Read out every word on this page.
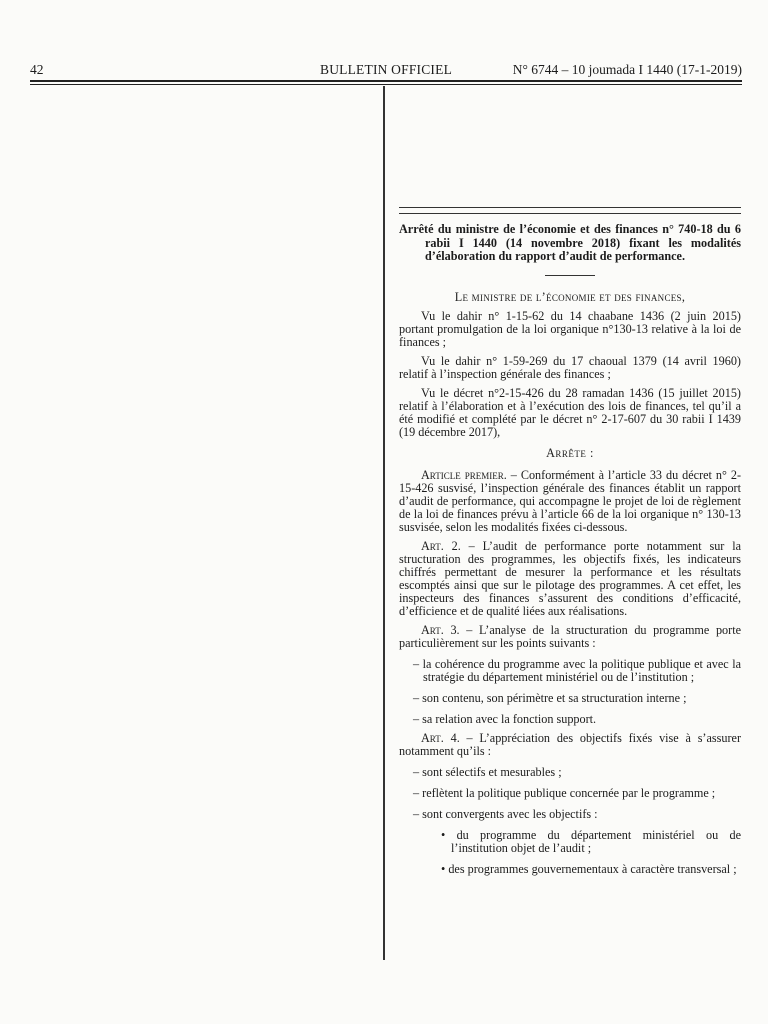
42	BULLETIN OFFICIEL	N° 6744 – 10 joumada I 1440 (17-1-2019)
Arrêté du ministre de l’économie et des finances n° 740-18 du 6 rabii I 1440 (14 novembre 2018) fixant les modalités d’élaboration du rapport d’audit de performance.
Le ministre de l’économie et des finances,

Vu le dahir n° 1-15-62 du 14 chaabane 1436 (2 juin 2015) portant promulgation de la loi organique n°130-13 relative à la loi de finances ;

Vu le dahir n° 1-59-269 du 17 chaoual 1379 (14 avril 1960) relatif à l’inspection générale des finances ;

Vu le décret n°2-15-426 du 28 ramadan 1436 (15 juillet 2015) relatif à l’élaboration et à l’exécution des lois de finances, tel qu’il a été modifié et complété par le décret n° 2-17-607 du 30 rabii I 1439 (19 décembre 2017),

Arrête :

Article premier. – Conformément à l’article 33 du décret n° 2-15-426 susvisé, l’inspection générale des finances établit un rapport d’audit de performance, qui accompagne le projet de loi de règlement de la loi de finances prévu à l’article 66 de la loi organique n° 130-13 susvisée, selon les modalités fixées ci-dessous.

Art. 2. – L’audit de performance porte notamment sur la structuration des programmes, les objectifs fixés, les indicateurs chiffrés permettant de mesurer la performance et les résultats escomptés ainsi que sur le pilotage des programmes. A cet effet, les inspecteurs des finances s’assurent des conditions d’efficacité, d’efficience et de qualité liées aux réalisations.

Art. 3. – L’analyse de la structuration du programme porte particulièrement sur les points suivants :

– la cohérence du programme avec la politique publique et avec la stratégie du département ministériel ou de l’institution ;

– son contenu, son périmètre et sa structuration interne ;

– sa relation avec la fonction support.

Art. 4. – L’appréciation des objectifs fixés vise à s’assurer notamment qu’ils :

– sont sélectifs et mesurables ;

– reflètent la politique publique concernée par le programme ;

– sont convergents avec les objectifs :

• du programme du département ministériel ou de l’institution objet de l’audit ;

• des programmes gouvernementaux à caractère transversal ;
